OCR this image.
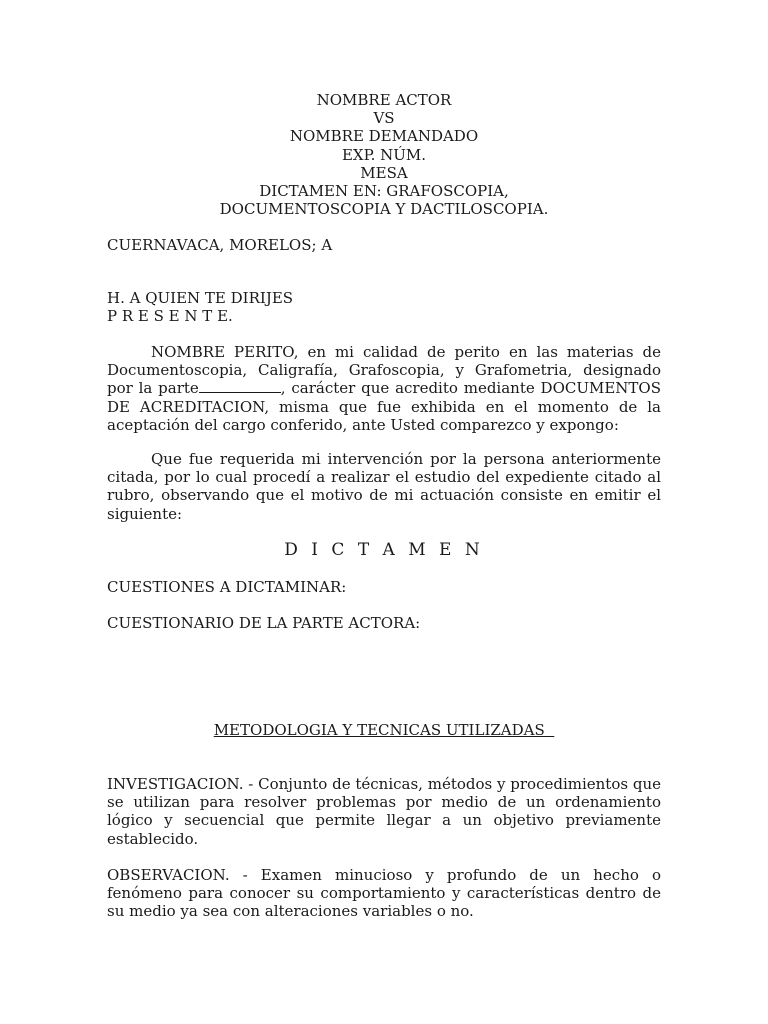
NOMBRE ACTOR
VS
NOMBRE DEMANDADO
EXP. NÚM.
MESA
DICTAMEN EN: GRAFOSCOPIA,
DOCUMENTOSCOPIA Y DACTILOSCOPIA.
CUERNAVACA, MORELOS; A
H. A QUIEN TE DIRIJES
P R E S E N T E.
NOMBRE PERITO, en mi calidad de perito en las materias de Documentoscopia, Caligrafía, Grafoscopia, y Grafometria, designado por la parte	, carácter que acredito mediante DOCUMENTOS DE ACREDITACION, misma que fue exhibida en el momento de la aceptación del cargo conferido, ante Usted comparezco y expongo:
Que fue requerida mi intervención por la persona anteriormente citada, por lo cual procedí a realizar el estudio del expediente citado al rubro, observando que el motivo de mi actuación consiste en emitir el siguiente:
D I C T A M E N
CUESTIONES A DICTAMINAR:
CUESTIONARIO DE LA PARTE ACTORA:
METODOLOGIA Y TECNICAS UTILIZADAS
INVESTIGACION. - Conjunto de técnicas, métodos y procedimientos que se utilizan para resolver problemas por medio de un ordenamiento lógico y secuencial que permite llegar a un objetivo previamente establecido.
OBSERVACION. - Examen minucioso y profundo de un hecho o fenómeno para conocer su comportamiento y características dentro de su medio ya sea con alteraciones variables o no.
